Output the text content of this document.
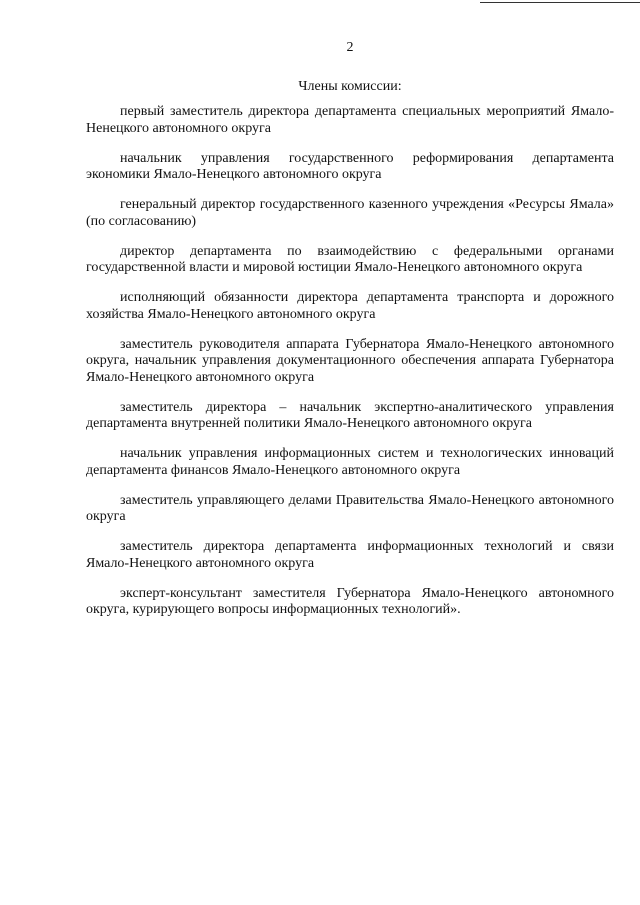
2
Члены комиссии:

первый заместитель директора департамента специальных мероприятий Ямало-Ненецкого автономного округа

начальник управления государственного реформирования департамента экономики Ямало-Ненецкого автономного округа

генеральный директор государственного казенного учреждения «Ресурсы Ямала» (по согласованию)

директор департамента по взаимодействию с федеральными органами государственной власти и мировой юстиции Ямало-Ненецкого автономного округа

исполняющий обязанности директора департамента транспорта и дорожного хозяйства Ямало-Ненецкого автономного округа

заместитель руководителя аппарата Губернатора Ямало-Ненецкого автономного округа, начальник управления документационного обеспечения аппарата Губернатора Ямало-Ненецкого автономного округа

заместитель директора – начальник экспертно-аналитического управления департамента внутренней политики Ямало-Ненецкого автономного округа

начальник управления информационных систем и технологических инноваций департамента финансов Ямало-Ненецкого автономного округа

заместитель управляющего делами Правительства Ямало-Ненецкого автономного округа

заместитель директора департамента информационных технологий и связи Ямало-Ненецкого автономного округа

эксперт-консультант заместителя Губернатора Ямало-Ненецкого автономного округа, курирующего вопросы информационных технологий».
